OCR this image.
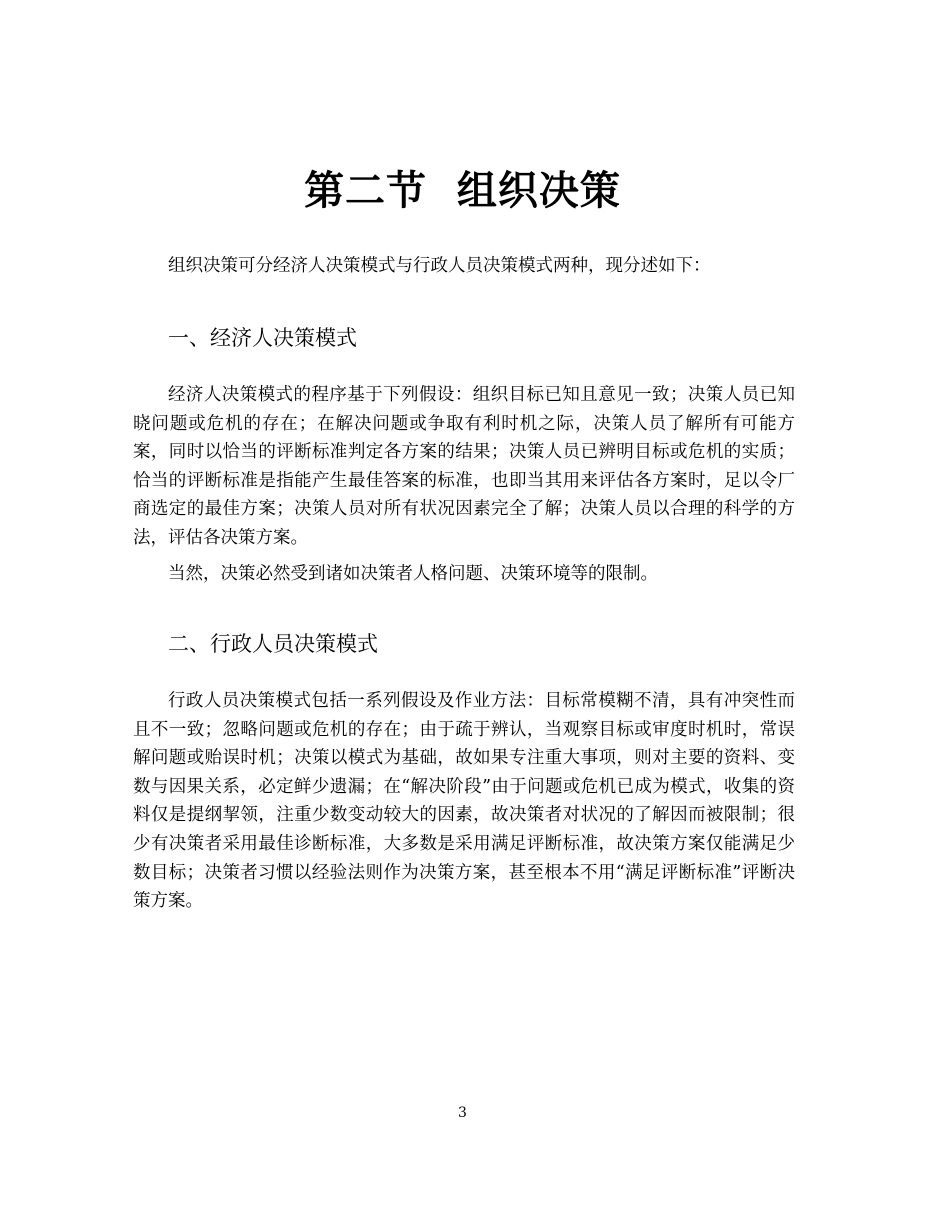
第二节  组织决策

组织决策可分经济人决策模式与行政人员决策模式两种，现分述如下：

一、经济人决策模式

经济人决策模式的程序基于下列假设：组织目标已知且意见一致；决策人员已知晓问题或危机的存在；在解决问题或争取有利时机之际，决策人员了解所有可能方案，同时以恰当的评断标准判定各方案的结果；决策人员已辨明目标或危机的实质；恰当的评断标准是指能产生最佳答案的标准，也即当其用来评估各方案时，足以令厂商选定的最佳方案；决策人员对所有状况因素完全了解；决策人员以合理的科学的方法，评估各决策方案。

当然，决策必然受到诸如决策者人格问题、决策环境等的限制。

二、行政人员决策模式

行政人员决策模式包括一系列假设及作业方法：目标常模糊不清，具有冲突性而且不一致；忽略问题或危机的存在；由于疏于辨认，当观察目标或审度时机时，常误解问题或贻误时机；决策以模式为基础，故如果专注重大事项，则对主要的资料、变数与因果关系，必定鲜少遗漏；在“解决阶段”由于问题或危机已成为模式，收集的资料仅是提纲挈领，注重少数变动较大的因素，故决策者对状况的了解因而被限制；很少有决策者采用最佳诊断标准，大多数是采用满足评断标准，故决策方案仅能满足少数目标；决策者习惯以经验法则作为决策方案，甚至根本不用“满足评断标准”评断决策方案。

3
